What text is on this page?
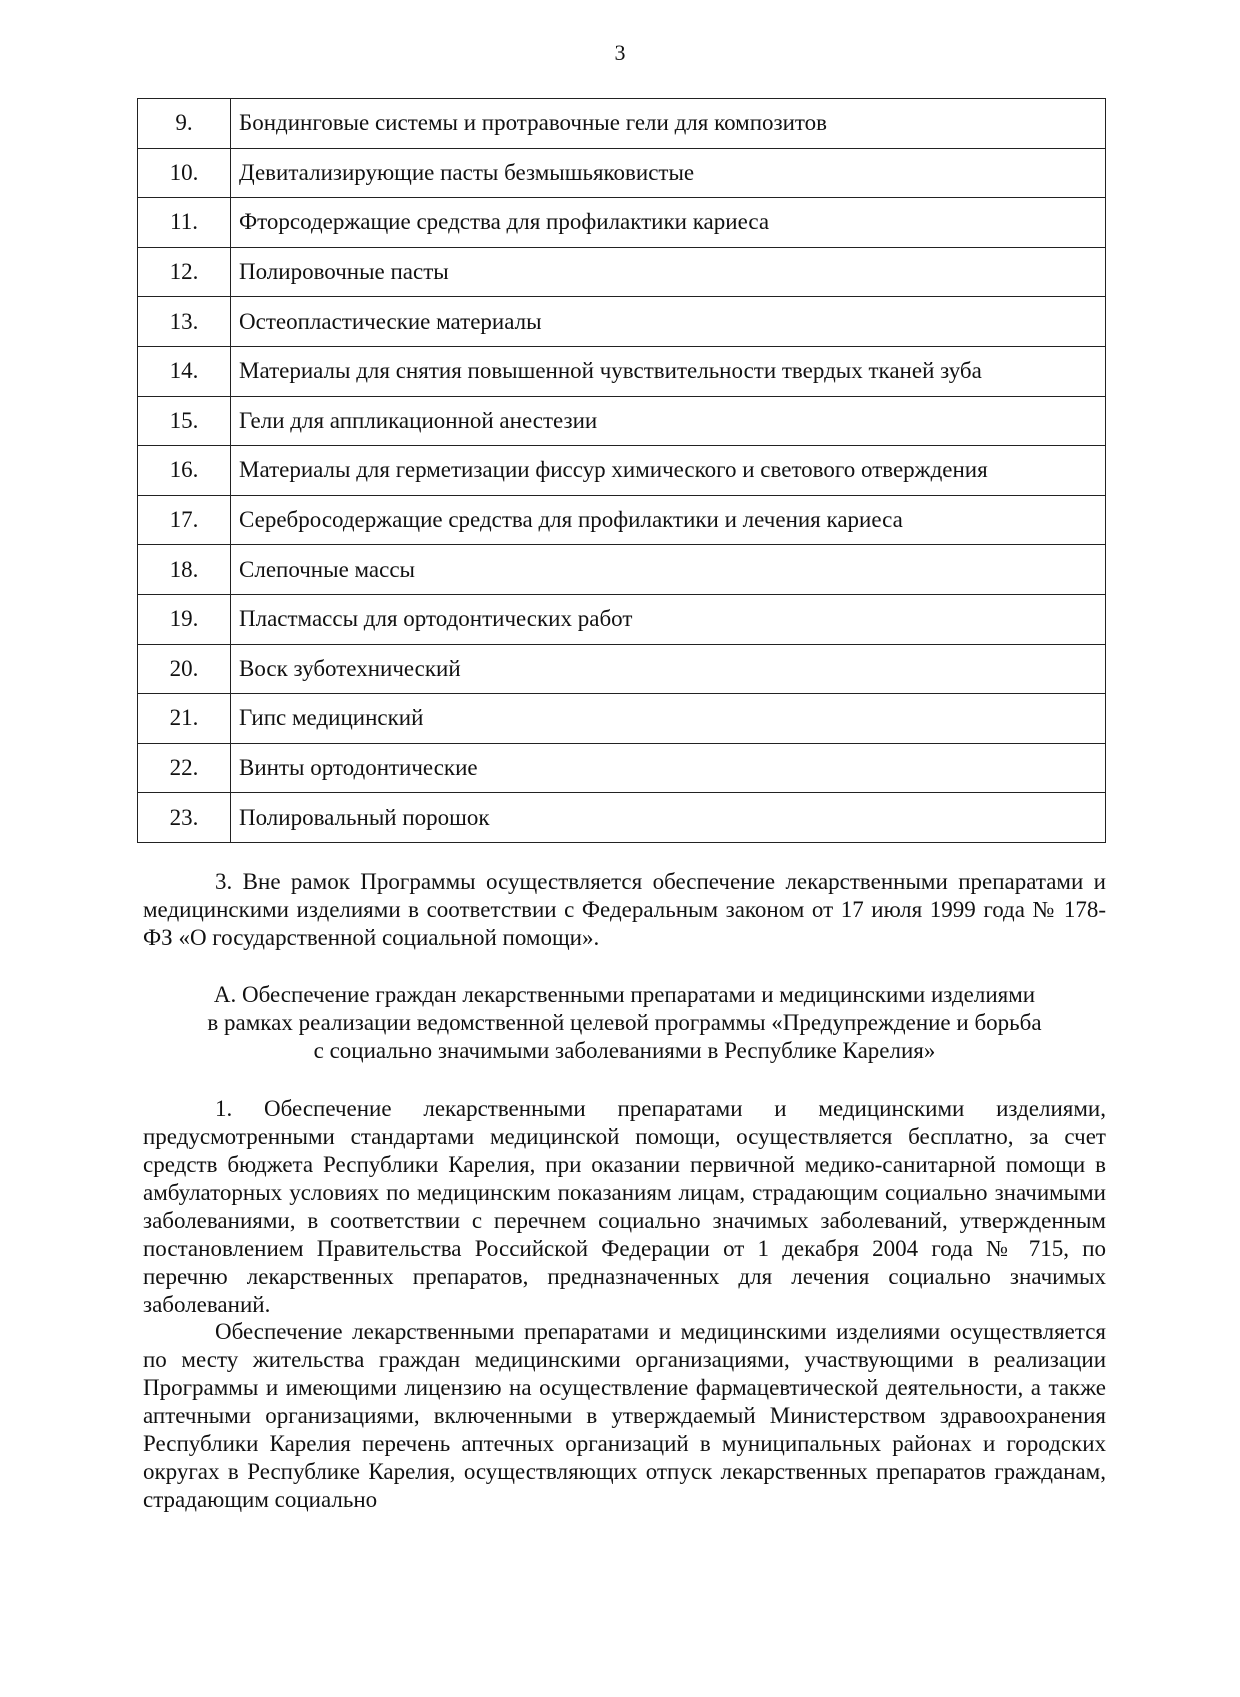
3
9.	Бондинговые системы и протравочные гели для композитов
10.	Девитализирующие пасты безмышьяковистые
11.	Фторсодержащие средства для профилактики кариеса
12.	Полировочные пасты
13.	Остеопластические материалы
14.	Материалы для снятия повышенной чувствительности твердых тканей зуба
15.	Гели для аппликационной анестезии
16.	Материалы для герметизации фиссур химического и светового отверждения
17.	Серебросодержащие средства для профилактики и лечения кариеса
18.	Слепочные массы
19.	Пластмассы для ортодонтических работ
20.	Воск зуботехнический
21.	Гипс медицинский
22.	Винты ортодонтические
23.	Полировальный порошок

3. Вне рамок Программы осуществляется обеспечение лекарственными препаратами и медицинскими изделиями в соответствии с Федеральным законом от 17 июля 1999 года № 178-ФЗ «О государственной социальной помощи».

А. Обеспечение граждан лекарственными препаратами и медицинскими изделиями
в рамках реализации ведомственной целевой программы «Предупреждение и борьба
с социально значимыми заболеваниями в Республике Карелия»

1. Обеспечение лекарственными препаратами и медицинскими изделиями, предусмотренными стандартами медицинской помощи, осуществляется бесплатно, за счет средств бюджета Республики Карелия, при оказании первичной медико-санитарной помощи в амбулаторных условиях по медицинским показаниям лицам, страдающим социально значимыми заболеваниями, в соответствии с перечнем социально значимых заболеваний, утвержденным постановлением Правительства Российской Федерации от 1 декабря 2004 года № 715, по перечню лекарственных препаратов, предназначенных для лечения социально значимых заболеваний.

Обеспечение лекарственными препаратами и медицинскими изделиями осуществляется по месту жительства граждан медицинскими организациями, участвующими в реализации Программы и имеющими лицензию на осуществление фармацевтической деятельности, а также аптечными организациями, включенными в утверждаемый Министерством здравоохранения Республики Карелия перечень аптечных организаций в муниципальных районах и городских округах в Республике Карелия, осуществляющих отпуск лекарственных препаратов гражданам, страдающим социально
